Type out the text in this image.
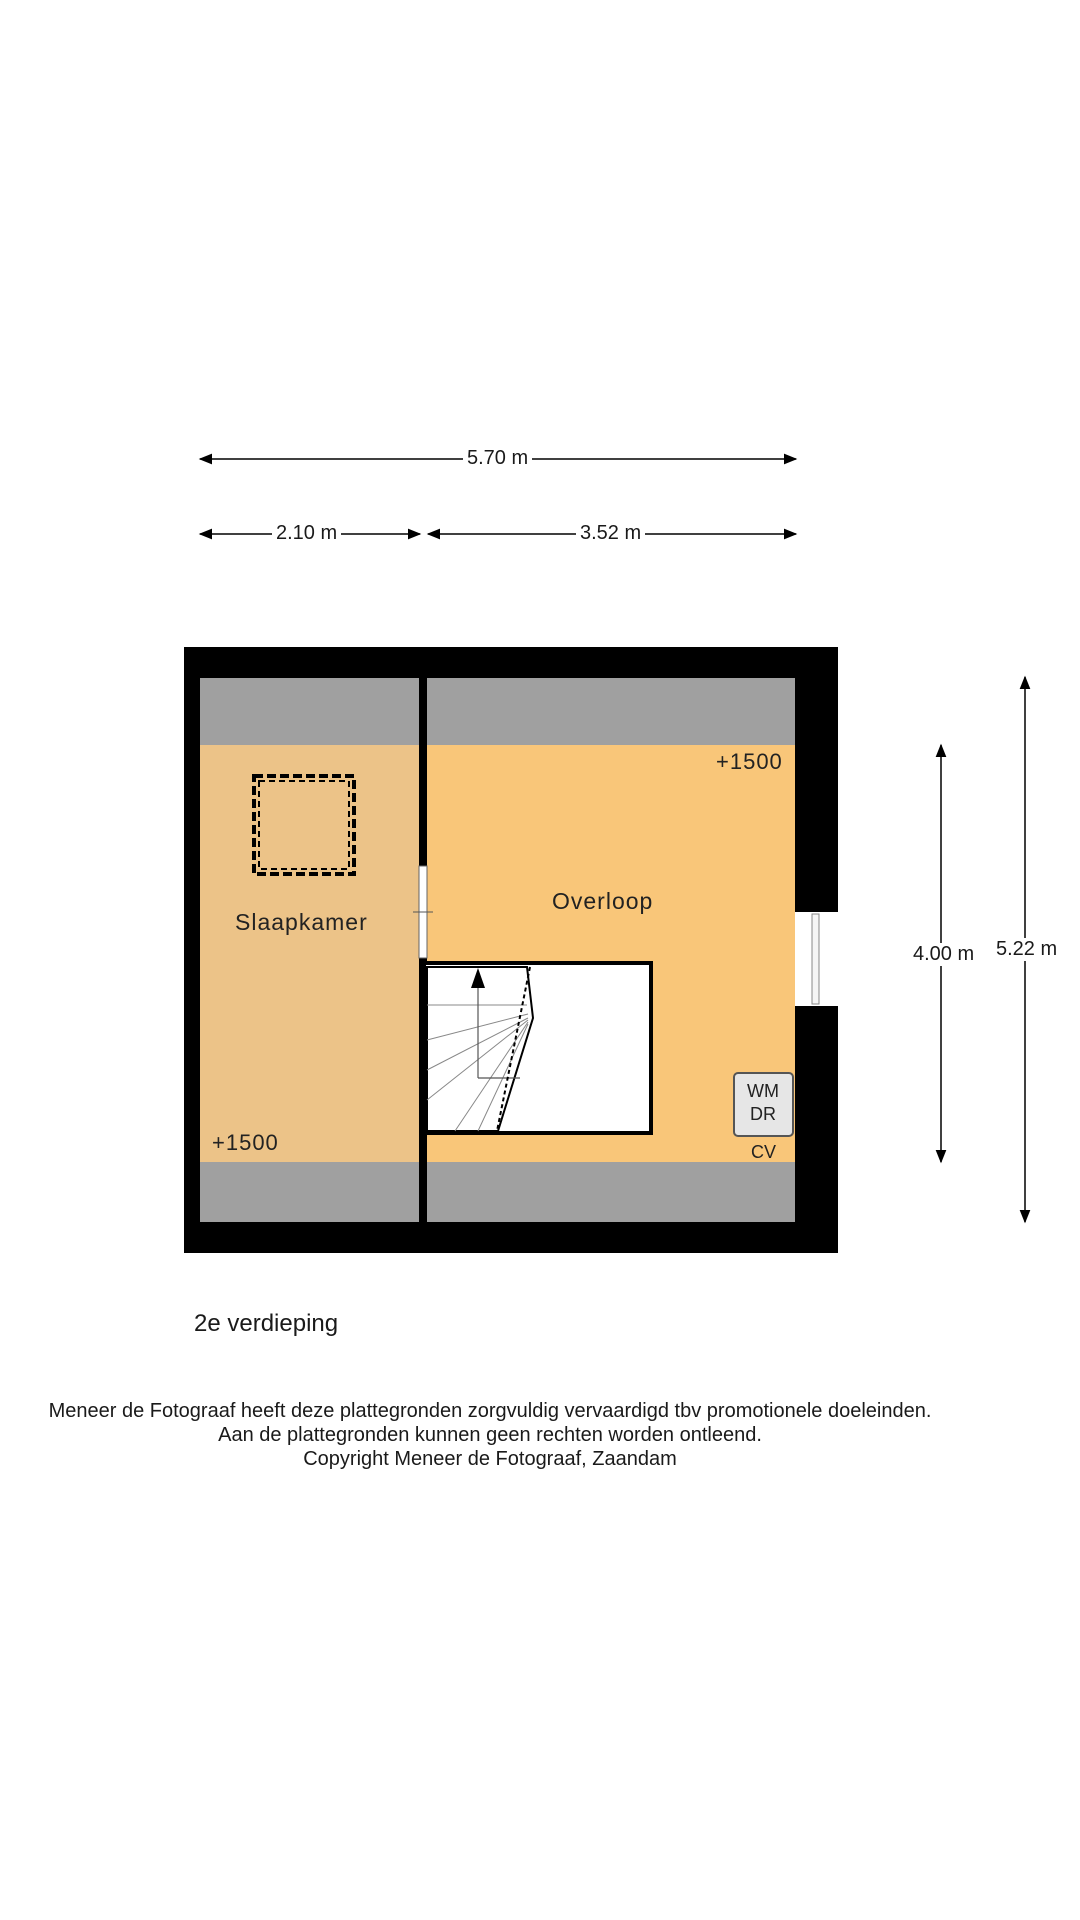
5.70 m
2.10 m	3.52 m
4.00 m 5.22 m
Slaapkamer
Overloop
+1500
+1500
WM
DR
CV
2e verdieping
Meneer de Fotograaf heeft deze plattegronden zorgvuldig vervaardigd tbv promotionele doeleinden.
Aan de plattegronden kunnen geen rechten worden ontleend.
Copyright Meneer de Fotograaf, Zaandam
